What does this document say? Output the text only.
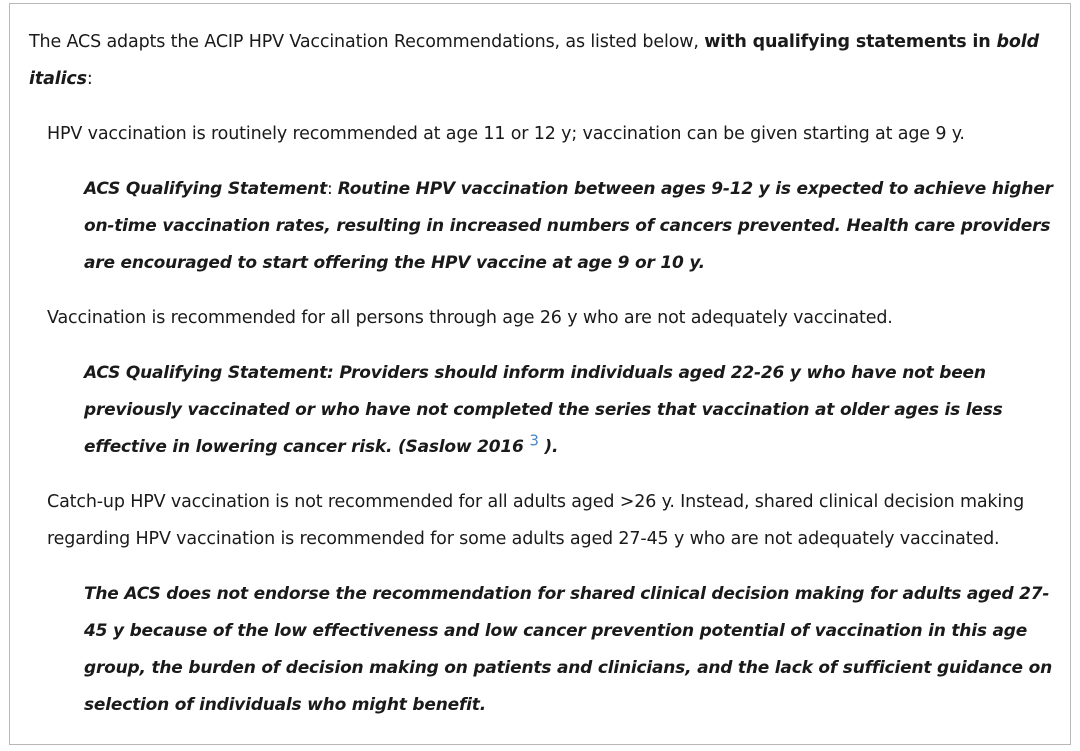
The ACS adapts the ACIP HPV Vaccination Recommendations, as listed below, with qualifying statements in bold italics:

HPV vaccination is routinely recommended at age 11 or 12 y; vaccination can be given starting at age 9 y.

ACS Qualifying Statement: Routine HPV vaccination between ages 9-12 y is expected to achieve higher on-time vaccination rates, resulting in increased numbers of cancers prevented. Health care providers are encouraged to start offering the HPV vaccine at age 9 or 10 y.

Vaccination is recommended for all persons through age 26 y who are not adequately vaccinated.

ACS Qualifying Statement: Providers should inform individuals aged 22-26 y who have not been previously vaccinated or who have not completed the series that vaccination at older ages is less effective in lowering cancer risk. (Saslow 2016 3 ).

Catch-up HPV vaccination is not recommended for all adults aged >26 y. Instead, shared clinical decision making regarding HPV vaccination is recommended for some adults aged 27-45 y who are not adequately vaccinated.

The ACS does not endorse the recommendation for shared clinical decision making for adults aged 27-45 y because of the low effectiveness and low cancer prevention potential of vaccination in this age group, the burden of decision making on patients and clinicians, and the lack of sufficient guidance on selection of individuals who might benefit.
